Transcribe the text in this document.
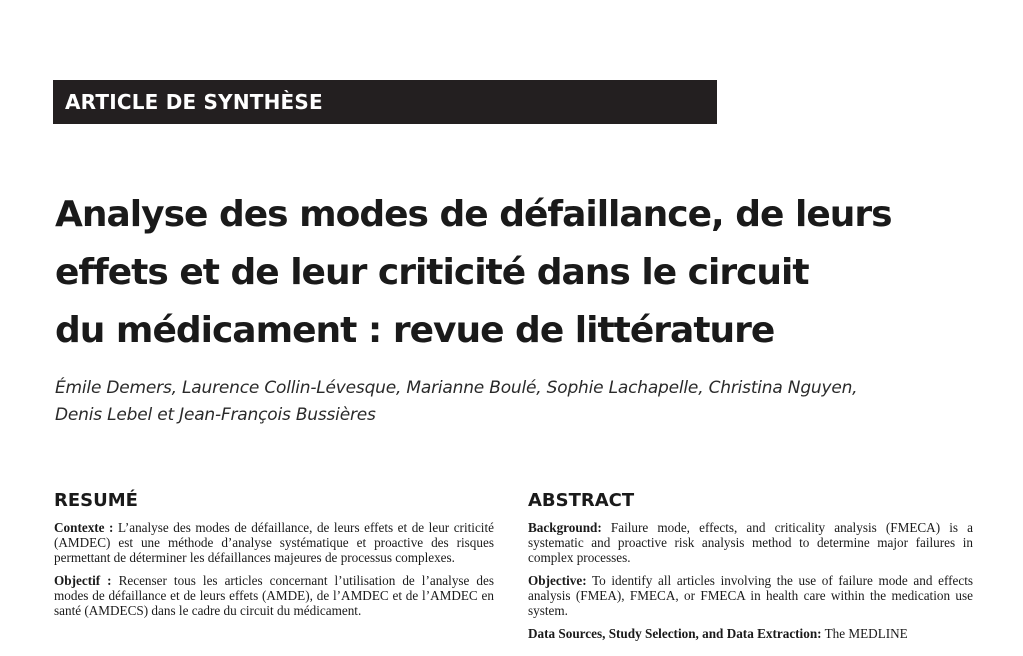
ARTICLE DE SYNTHÈSE
Analyse des modes de défaillance, de leurs
effets et de leur criticité dans le circuit
du médicament : revue de littérature
Émile Demers, Laurence Collin-Lévesque, Marianne Boulé, Sophie Lachapelle, Christina Nguyen,
Denis Lebel et Jean-François Bussières
RESUMÉ

Contexte : L’analyse des modes de défaillance, de leurs effets et de leur criticité (AMDEC) est une méthode d’analyse systématique et proactive des risques permettant de déterminer les défaillances majeures de processus complexes.

Objectif : Recenser tous les articles concernant l’utilisation de l’analyse des modes de défaillance et de leurs effets (AMDE), de l’AMDEC et de l’AMDEC en santé (AMDECS) dans le cadre du circuit du médicament.

ABSTRACT

Background: Failure mode, effects, and criticality analysis (FMECA) is a systematic and proactive risk analysis method to determine major failures in complex processes.

Objective: To identify all articles involving the use of failure mode and effects analysis (FMEA), FMECA, or FMECA in health care within the medication use system.

Data Sources, Study Selection, and Data Extraction: The MEDLINE
